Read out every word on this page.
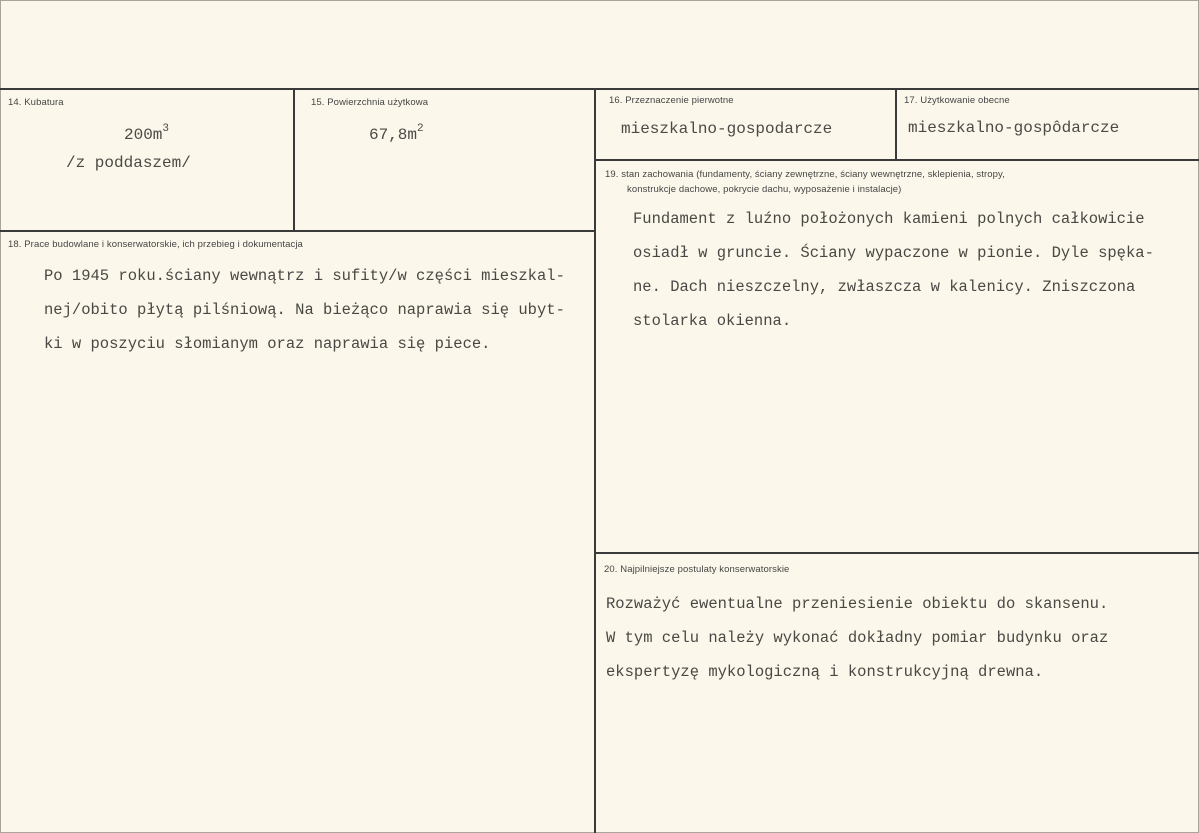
14. Kubatura
$200m^3$
/z poddaszem/
15. Powierzchnia użytkowa
$67,8m^2$
16. Przeznaczenie pierwotne
mieszkalno-gospodarcze
17. Użytkowanie obecne
mieszkalno-gospôdarcze
18. Prace budowlane i konserwatorskie, ich przebieg i dokumentacja
Po 1945 roku.ściany wewnątrz i sufity/w części mieszkal-
nej/obito płytą pilśniową. Na bieżąco naprawia się ubyt-
ki w poszyciu słomianym oraz naprawia się piece.
19. stan zachowania (fundamenty, ściany zewnętrzne, ściany wewnętrzne, sklepienia, stropy,
konstrukcje dachowe, pokrycie dachu, wyposażenie i instalacje)
Fundament z luźno położonych kamieni polnych całkowicie
osiadł w gruncie. Ściany wypaczone w pionie. Dyle spęka-
ne. Dach nieszczelny, zwłaszcza w kalenicy. Zniszczona
stolarka okienna.
20. Najpilniejsze postulaty konserwatorskie
Rozważyć ewentualne przeniesienie obiektu do skansenu.
W tym celu należy wykonać dokładny pomiar budynku oraz
ekspertyzę mykologiczną i konstrukcyjną drewna.
